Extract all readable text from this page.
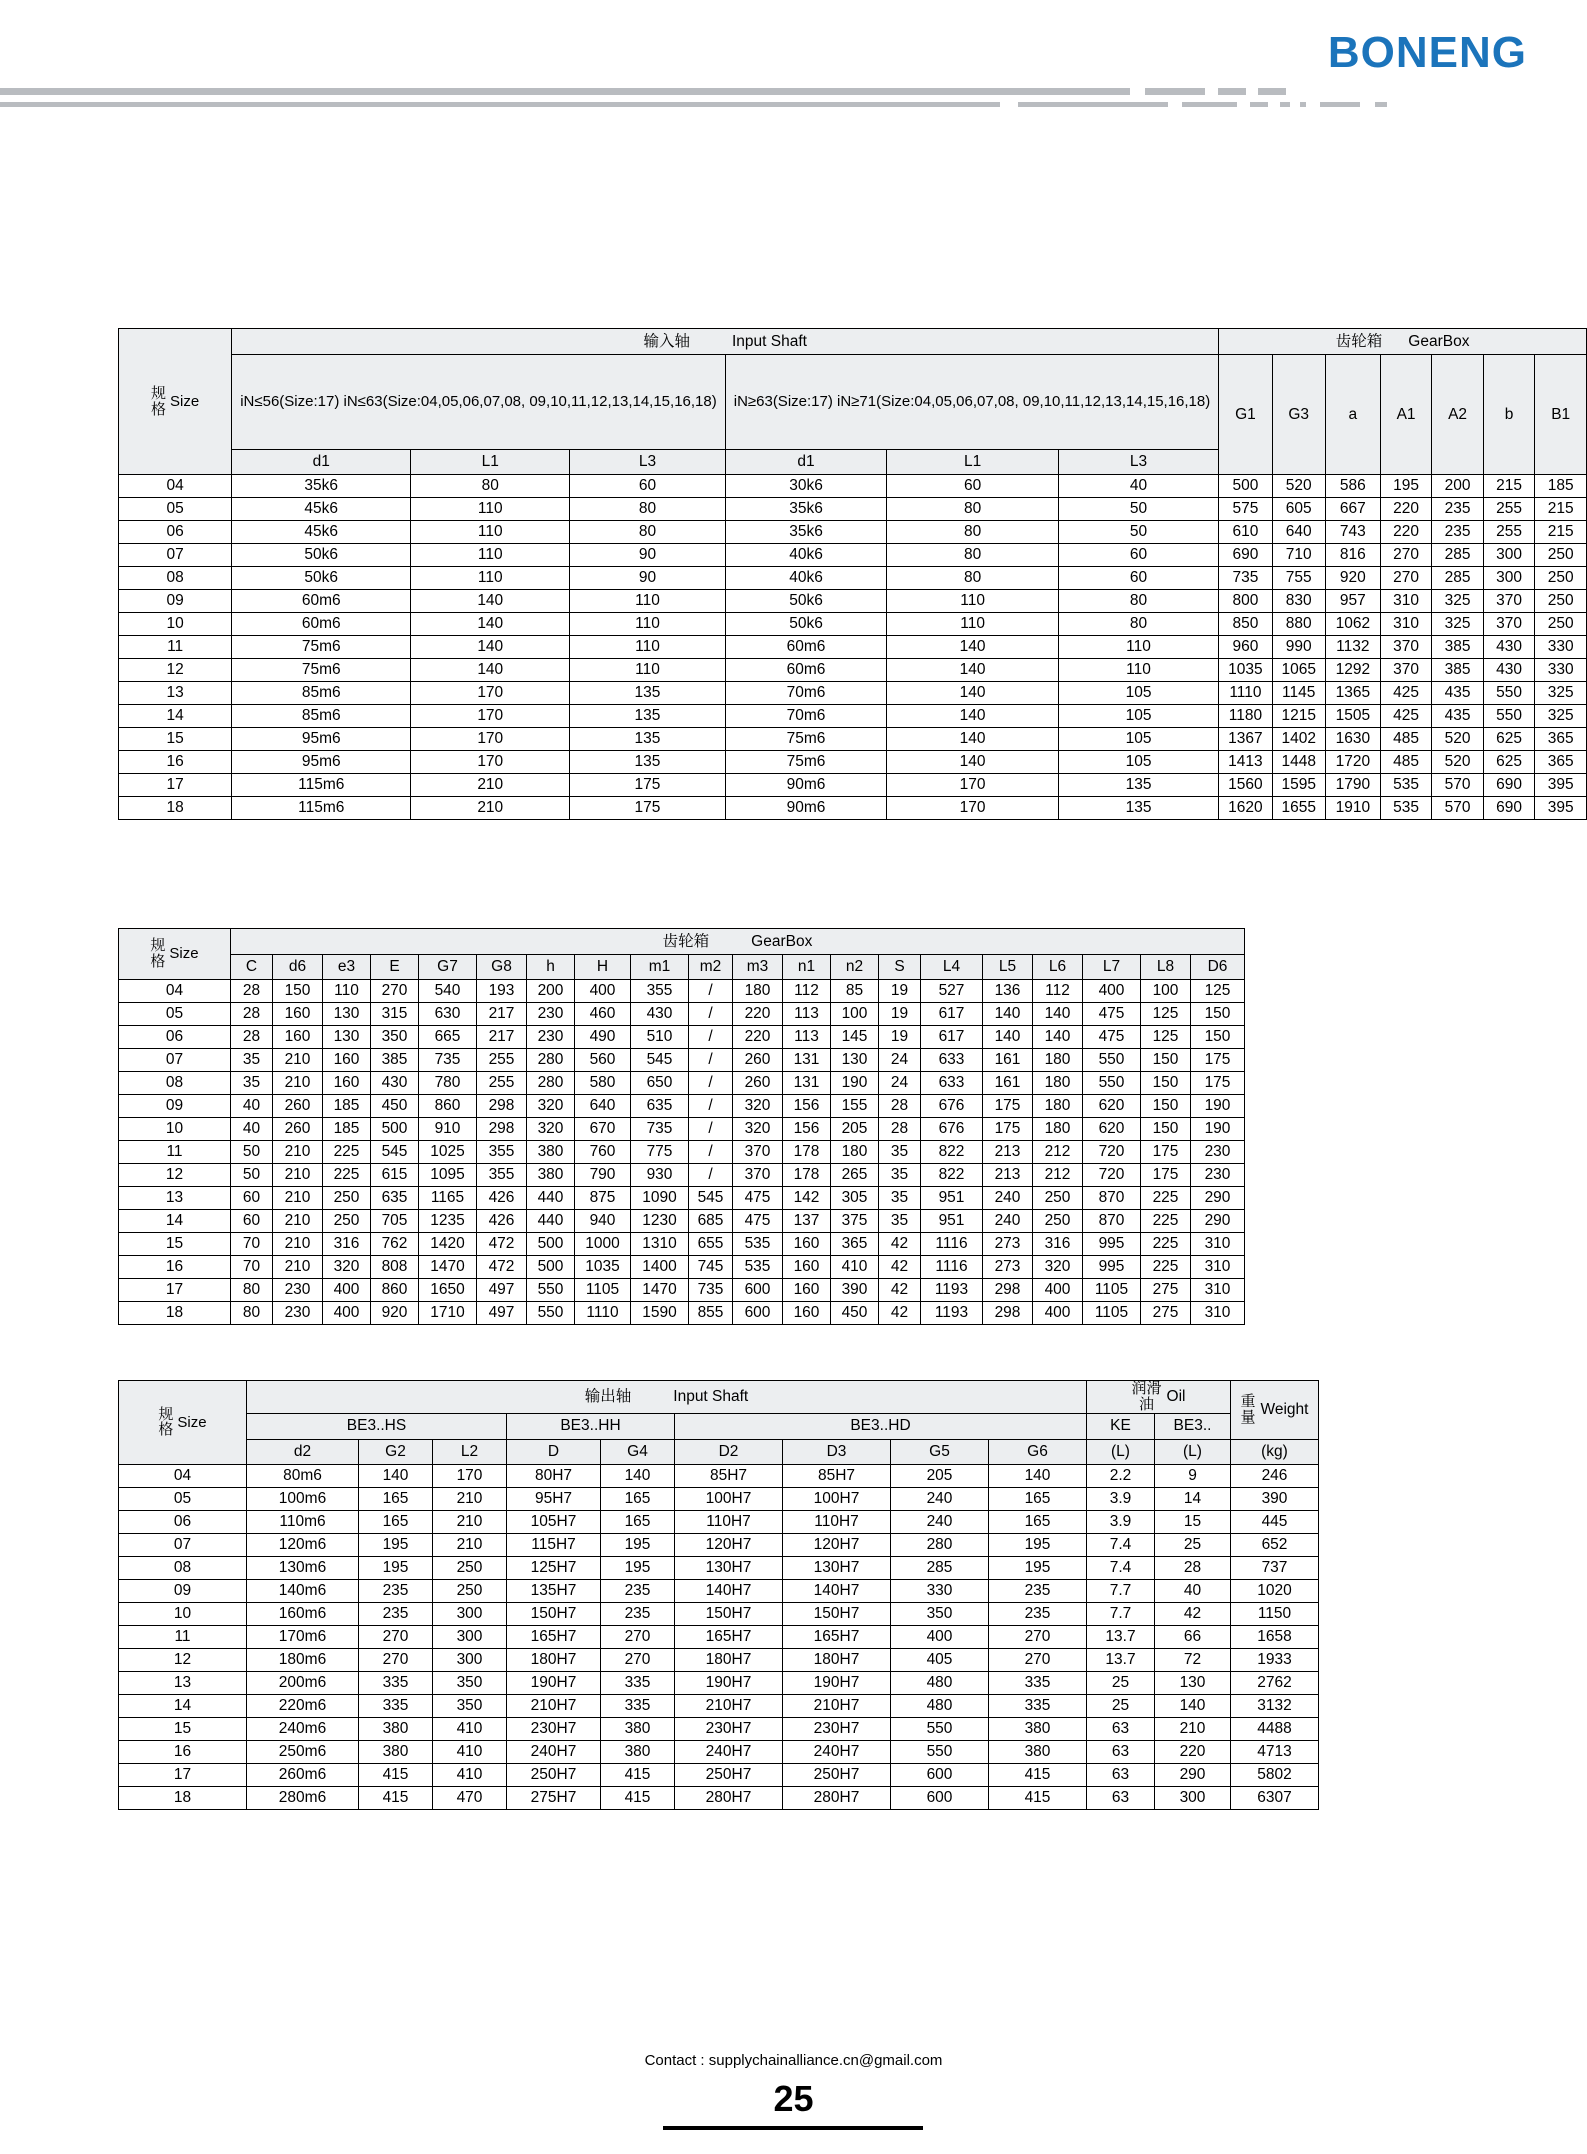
BONENG
规
格 Size	输入轴 Input Shaft						齿轮箱 GearBox						

	iN≤56(Size:17) iN≤63(Size:04,05,06,07,08, 09,10,11,12,13,14,15,16,18)			iN≥63(Size:17) iN≥71(Size:04,05,06,07,08, 09,10,11,12,13,14,15,16,18)			G1	G3	a	A1	A2	b	B1
	d1	L1	L3	d1	L1	L3							
04	35k6	80	60	30k6	60	40	500	520	586	195	200	215	185
05	45k6	110	80	35k6	80	50	575	605	667	220	235	255	215
06	45k6	110	80	35k6	80	50	610	640	743	220	235	255	215
07	50k6	110	90	40k6	80	60	690	710	816	270	285	300	250
08	50k6	110	90	40k6	80	60	735	755	920	270	285	300	250
09	60m6	140	110	50k6	110	80	800	830	957	310	325	370	250
10	60m6	140	110	50k6	110	80	850	880	1062	310	325	370	250
11	75m6	140	110	60m6	140	110	960	990	1132	370	385	430	330
12	75m6	140	110	60m6	140	110	1035	1065	1292	370	385	430	330
13	85m6	170	135	70m6	140	105	1110	1145	1365	425	435	550	325
14	85m6	170	135	70m6	140	105	1180	1215	1505	425	435	550	325
15	95m6	170	135	75m6	140	105	1367	1402	1630	485	520	625	365
16	95m6	170	135	75m6	140	105	1413	1448	1720	485	520	625	365
17	115m6	210	175	90m6	170	135	1560	1595	1790	535	570	690	395
18	115m6	210	175	90m6	170	135	1620	1655	1910	535	570	690	395
规
格 Size	齿轮箱 GearBox																			

	C	d6	e3	E	G7	G8	h	H	m1	m2	m3	n1	n2	S	L4	L5	L6	L7	L8	D6
04	28	150	110	270	540	193	200	400	355	/	180	112	85	19	527	136	112	400	100	125
05	28	160	130	315	630	217	230	460	430	/	220	113	100	19	617	140	140	475	125	150
06	28	160	130	350	665	217	230	490	510	/	220	113	145	19	617	140	140	475	125	150
07	35	210	160	385	735	255	280	560	545	/	260	131	130	24	633	161	180	550	150	175
08	35	210	160	430	780	255	280	580	650	/	260	131	190	24	633	161	180	550	150	175
09	40	260	185	450	860	298	320	640	635	/	320	156	155	28	676	175	180	620	150	190
10	40	260	185	500	910	298	320	670	735	/	320	156	205	28	676	175	180	620	150	190
11	50	210	225	545	1025	355	380	760	775	/	370	178	180	35	822	213	212	720	175	230
12	50	210	225	615	1095	355	380	790	930	/	370	178	265	35	822	213	212	720	175	230
13	60	210	250	635	1165	426	440	875	1090	545	475	142	305	35	951	240	250	870	225	290
14	60	210	250	705	1235	426	440	940	1230	685	475	137	375	35	951	240	250	870	225	290
15	70	210	316	762	1420	472	500	1000	1310	655	535	160	365	42	1116	273	316	995	225	310
16	70	210	320	808	1470	472	500	1035	1400	745	535	160	410	42	1116	273	320	995	225	310
17	80	230	400	860	1650	497	550	1105	1470	735	600	160	390	42	1193	298	400	1105	275	310
18	80	230	400	920	1710	497	550	1110	1590	855	600	160	450	42	1193	298	400	1105	275	310
规
格 Size	输出轴 Input Shaft									润滑
油 Oil		重
量 Weight

	BE3..HS			BE3..HH		BE3..HD				KE	BE3..	
	d2	G2	L2	D	G4	D2	D3	G5	G6	(L)	(L)	(kg)
04	80m6	140	170	80H7	140	85H7	85H7	205	140	2.2	9	246
05	100m6	165	210	95H7	165	100H7	100H7	240	165	3.9	14	390
06	110m6	165	210	105H7	165	110H7	110H7	240	165	3.9	15	445
07	120m6	195	210	115H7	195	120H7	120H7	280	195	7.4	25	652
08	130m6	195	250	125H7	195	130H7	130H7	285	195	7.4	28	737
09	140m6	235	250	135H7	235	140H7	140H7	330	235	7.7	40	1020
10	160m6	235	300	150H7	235	150H7	150H7	350	235	7.7	42	1150
11	170m6	270	300	165H7	270	165H7	165H7	400	270	13.7	66	1658
12	180m6	270	300	180H7	270	180H7	180H7	405	270	13.7	72	1933
13	200m6	335	350	190H7	335	190H7	190H7	480	335	25	130	2762
14	220m6	335	350	210H7	335	210H7	210H7	480	335	25	140	3132
15	240m6	380	410	230H7	380	230H7	230H7	550	380	63	210	4488
16	250m6	380	410	240H7	380	240H7	240H7	550	380	63	220	4713
17	260m6	415	410	250H7	415	250H7	250H7	600	415	63	290	5802
18	280m6	415	470	275H7	415	280H7	280H7	600	415	63	300	6307
Contact : supplychainalliance.cn@gmail.com
25
